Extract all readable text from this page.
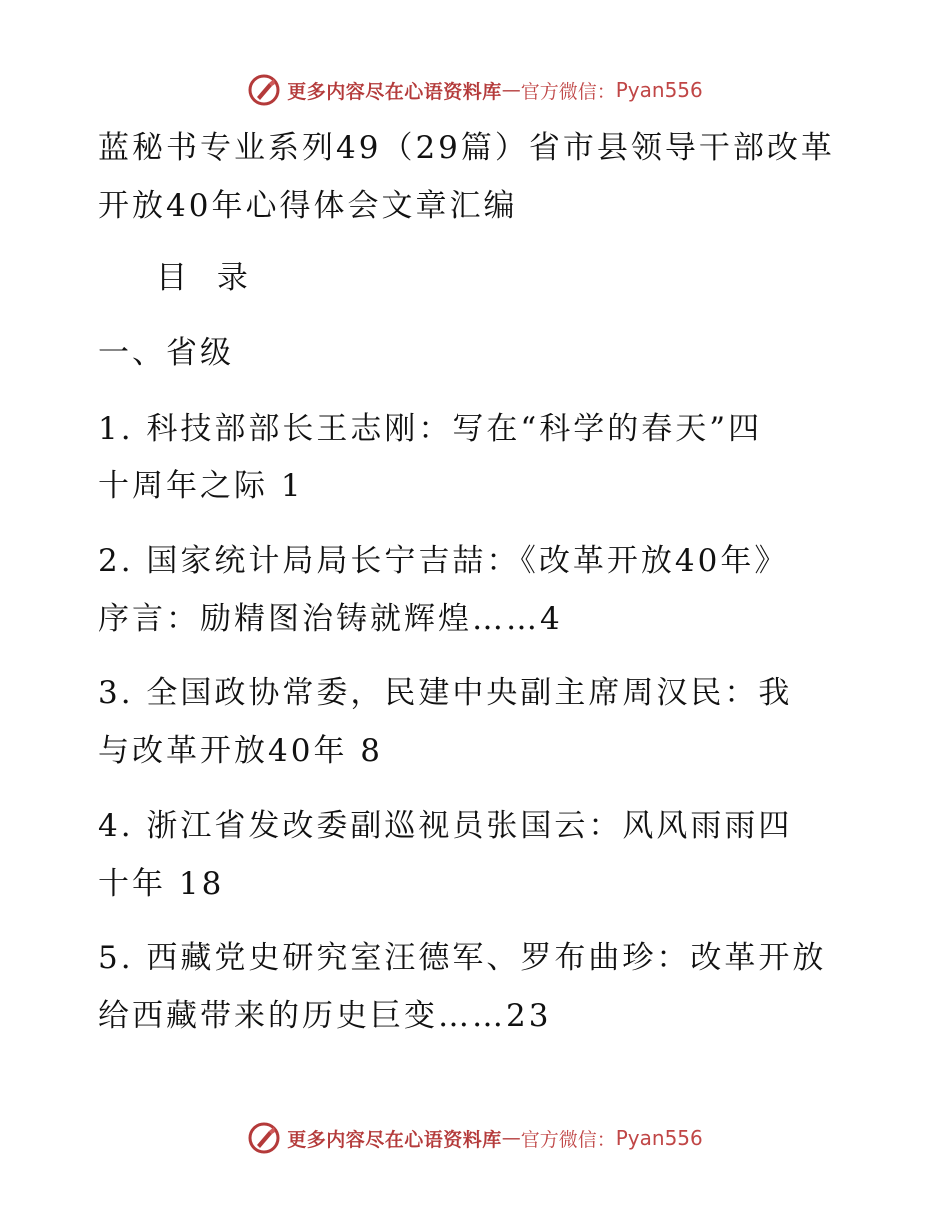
更多内容尽在心语资料库 — 官方微信： Pyan556
蓝秘书专业系列49（29篇）省市县领导干部改革
开放40年心得体会文章汇编
目 录
一、省级
1. 科技部部长王志刚：写在“科学的春天”四
十周年之际 1
2. 国家统计局局长宁吉喆：《改革开放40年》
序言：励精图治铸就辉煌……4
3. 全国政协常委，民建中央副主席周汉民：我
与改革开放40年 8
4. 浙江省发改委副巡视员张国云：风风雨雨四
十年 18
5. 西藏党史研究室汪德军、罗布曲珍：改革开放
给西藏带来的历史巨变……23
更多内容尽在心语资料库 — 官方微信： Pyan556
